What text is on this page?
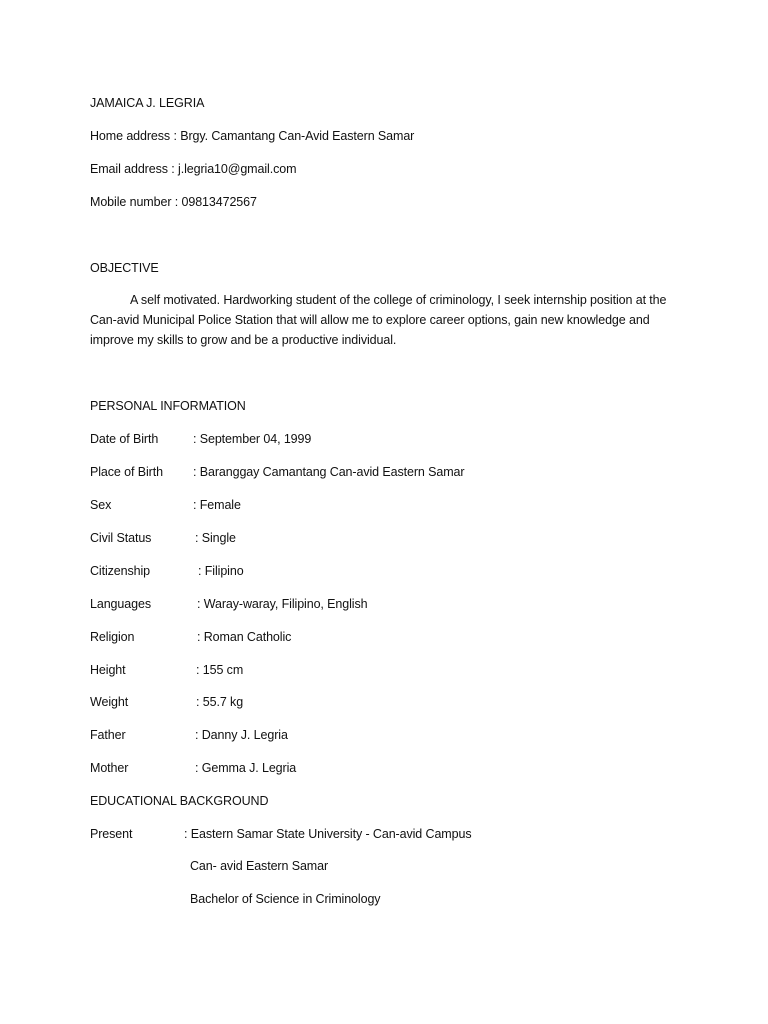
JAMAICA J. LEGRIA
Home address : Brgy. Camantang Can-Avid Eastern Samar
Email address : j.legria10@gmail.com
Mobile number : 09813472567
OBJECTIVE
A self motivated. Hardworking student of the college of criminology, I seek internship position at the Can-avid Municipal Police Station that will allow me to explore career options, gain new knowledge and improve my skills to grow and be a productive individual.
PERSONAL INFORMATION
Date of Birth	: September 04, 1999
Place of Birth : Baranggay Camantang Can-avid Eastern Samar
Sex	: Female
Civil Status	: Single
Citizenship	: Filipino
Languages	: Waray-waray, Filipino, English
Religion	: Roman Catholic
Height	: 155 cm
Weight	: 55.7 kg
Father	: Danny J. Legria
Mother	: Gemma J. Legria
EDUCATIONAL BACKGROUND
Present	: Eastern Samar State University - Can-avid Campus
Can- avid Eastern Samar
Bachelor of Science in Criminology
